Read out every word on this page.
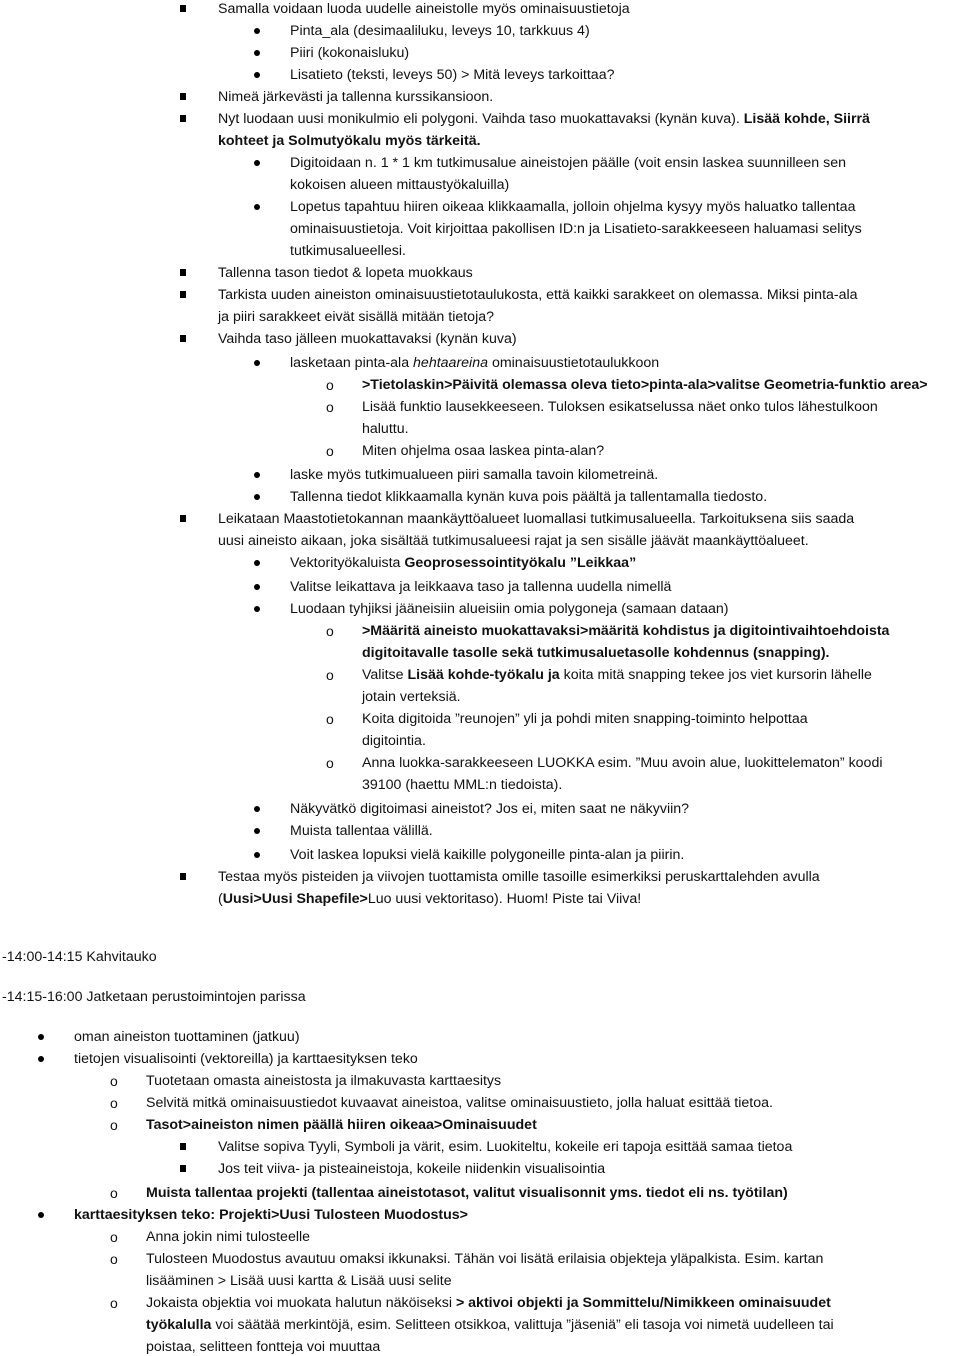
Samalla voidaan luoda uudelle aineistolle myös ominaisuustietoja
Pinta_ala (desimaaliluku, leveys 10, tarkkuus 4)
Piiri (kokonaisluku)
Lisatieto (teksti, leveys 50) > Mitä leveys tarkoittaa?
Nimeä järkevästi ja tallenna kurssikansioon.
Nyt luodaan uusi monikulmio eli polygoni. Vaihda taso muokattavaksi (kynän kuva). Lisää kohde, Siirrä
kohteet ja Solmutyökalu myös tärkeitä.
Digitoidaan n. 1 * 1 km tutkimusalue aineistojen päälle (voit ensin laskea suunnilleen sen
kokoisen alueen mittaustyökaluilla)
Lopetus tapahtuu hiiren oikeaa klikkaamalla, jolloin ohjelma kysyy myös haluatko tallentaa
ominaisuustietoja. Voit kirjoittaa pakollisen ID:n ja Lisatieto-sarakkeeseen haluamasi selitys
tutkimusalueellesi.
Tallenna tason tiedot & lopeta muokkaus
Tarkista uuden aineiston ominaisuustietotaulukosta, että kaikki sarakkeet on olemassa. Miksi pinta-ala
ja piiri sarakkeet eivät sisällä mitään tietoja?
Vaihda taso jälleen muokattavaksi (kynän kuva)
lasketaan pinta-ala hehtaareina ominaisuustietotaulukkoon
o >Tietolaskin>Päivitä olemassa oleva tieto>pinta-ala>valitse Geometria-funktio area>
o Lisää funktio lausekkeeseen. Tuloksen esikatselussa näet onko tulos lähestulkoon
haluttu.
o Miten ohjelma osaa laskea pinta-alan?
laske myös tutkimualueen piiri samalla tavoin kilometreinä.
Tallenna tiedot klikkaamalla kynän kuva pois päältä ja tallentamalla tiedosto.
Leikataan Maastotietokannan maankäyttöalueet luomallasi tutkimusalueella. Tarkoituksena siis saada
uusi aineisto aikaan, joka sisältää tutkimusalueesi rajat ja sen sisälle jäävät maankäyttöalueet.
Vektorityökaluista Geoprosessointityökalu ”Leikkaa”
Valitse leikattava ja leikkaava taso ja tallenna uudella nimellä
Luodaan tyhjiksi jääneisiin alueisiin omia polygoneja (samaan dataan)
o >Määritä aineisto muokattavaksi>määritä kohdistus ja digitointivaihtoehdoista
digitoitavalle tasolle sekä tutkimusaluetasolle kohdennus (snapping).
o Valitse Lisää kohde-työkalu ja koita mitä snapping tekee jos viet kursorin lähelle
jotain verteksiä.
o Koita digitoida ”reunojen” yli ja pohdi miten snapping-toiminto helpottaa
digitointia.
o Anna luokka-sarakkeeseen LUOKKA esim. ”Muu avoin alue, luokittelematon” koodi
39100 (haettu MML:n tiedoista).
Näkyvätkö digitoimasi aineistot? Jos ei, miten saat ne näkyviin?
Muista tallentaa välillä.
Voit laskea lopuksi vielä kaikille polygoneille pinta-alan ja piirin.
Testaa myös pisteiden ja viivojen tuottamista omille tasoille esimerkiksi peruskarttalehden avulla
(Uusi>Uusi Shapefile>Luo uusi vektoritaso). Huom! Piste tai Viiva!
-14:00-14:15 Kahvitauko
-14:15-16:00 Jatketaan perustoimintojen parissa
oman aineiston tuottaminen (jatkuu)
tietojen visualisointi (vektoreilla) ja karttaesityksen teko
o Tuotetaan omasta aineistosta ja ilmakuvasta karttaesitys
o Selvitä mitkä ominaisuustiedot kuvaavat aineistoa, valitse ominaisuustieto, jolla haluat esittää tietoa.
o Tasot>aineiston nimen päällä hiiren oikeaa>Ominaisuudet
Valitse sopiva Tyyli, Symboli ja värit, esim. Luokiteltu, kokeile eri tapoja esittää samaa tietoa
Jos teit viiva- ja pisteaineistoja, kokeile niidenkin visualisointia
o Muista tallentaa projekti (tallentaa aineistotasot, valitut visualisonnit yms. tiedot eli ns. työtilan)
karttaesityksen teko: Projekti>Uusi Tulosteen Muodostus>
o Anna jokin nimi tulosteelle
o Tulosteen Muodostus avautuu omaksi ikkunaksi. Tähän voi lisätä erilaisia objekteja yläpalkista. Esim. kartan
lisääminen > Lisää uusi kartta & Lisää uusi selite
o Jokaista objektia voi muokata halutun näköiseksi > aktivoi objekti ja Sommittelu/Nimikkeen ominaisuudet
työkalulla voi säätää merkintöjä, esim. Selitteen otsikkoa, valittuja ”jäseniä” eli tasoja voi nimetä uudelleen tai
poistaa, selitteen fontteja voi muuttaa
